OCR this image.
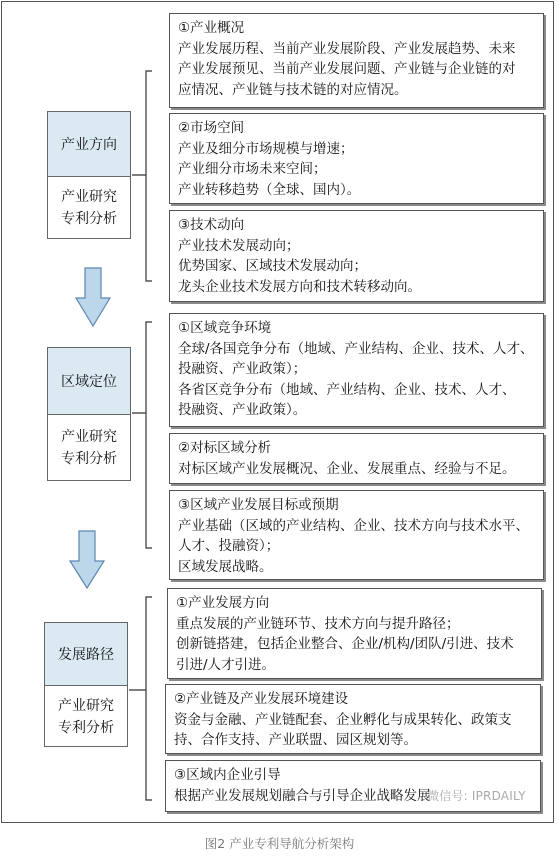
产业方向
产业研究
专利分析
区域定位
产业研究
专利分析
发展路径
产业研究
专利分析
①产业概况
产业发展历程、当前产业发展阶段、产业发展趋势、未来
产业发展预见、当前产业发展问题、产业链与企业链的对
应情况、产业链与技术链的对应情况。
②市场空间
产业及细分市场规模与增速；
产业细分市场未来空间；
产业转移趋势（全球、国内）。
③技术动向
产业技术发展动向；
优势国家、区域技术发展动向；
龙头企业技术发展方向和技术转移动向。
①区域竞争环境
全球/各国竞争分布（地域、产业结构、企业、技术、人才、
投融资、产业政策）；
各省区竞争分布（地域、产业结构、企业、技术、人才、
投融资、产业政策）。
②对标区域分析
对标区域产业发展概况、企业、发展重点、经验与不足。
③区域产业发展目标或预期
产业基础（区域的产业结构、企业、技术方向与技术水平、
人才、投融资）；
区域发展战略。
①产业发展方向
重点发展的产业链环节、技术方向与提升路径；
创新链搭建，包括企业整合、企业/机构/团队/引进、技术
引进/人才引进。
②产业链及产业发展环境建设
资金与金融、产业链配套、企业孵化与成果转化、政策支
持、合作支持、产业联盟、园区规划等。
③区域内企业引导
根据产业发展规划融合与引导企业战略发展
微信号: IPRDAILY
图2 产业专利导航分析架构
